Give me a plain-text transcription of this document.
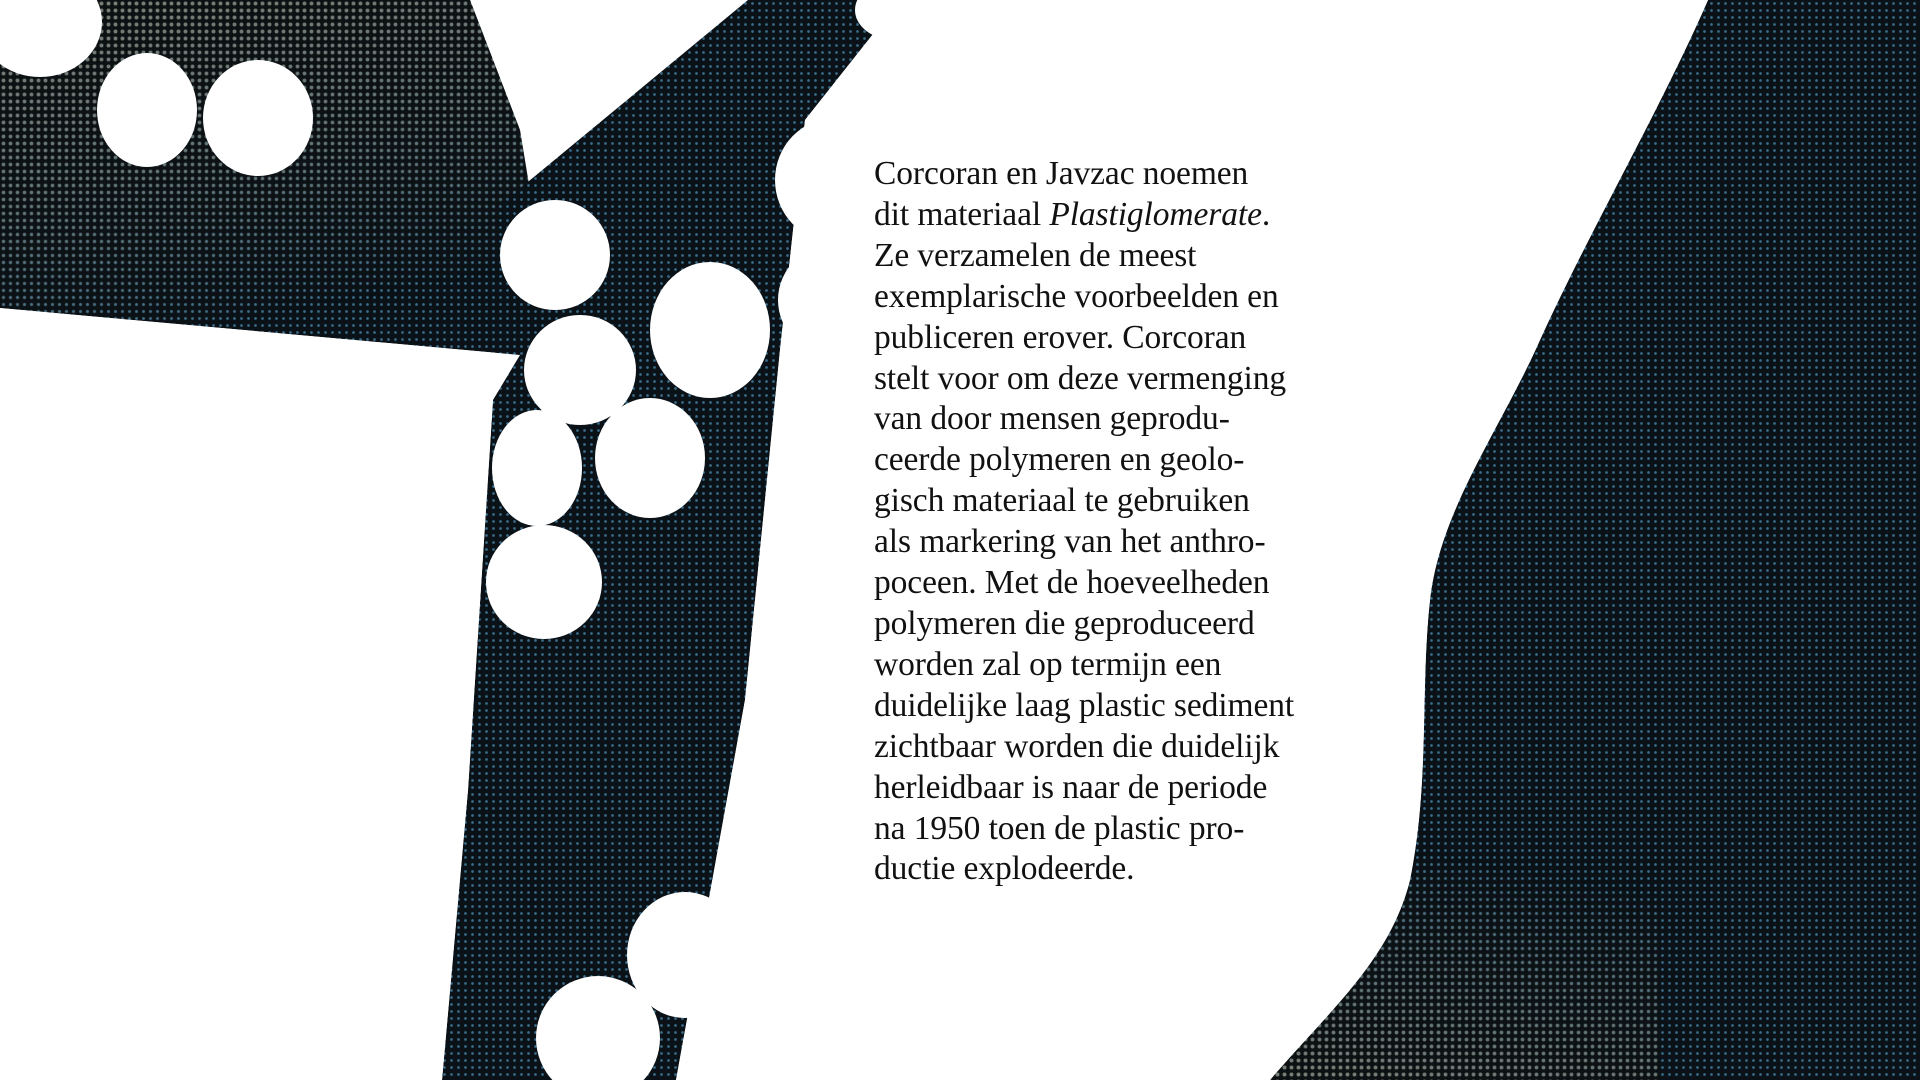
Corcoran en Javzac noemen
dit materiaal Plastiglomerate.
Ze verzamelen de meest
exemplarische voorbeelden en
publiceren erover. Corcoran
stelt voor om deze vermenging
van door mensen geprodu-
ceerde polymeren en geolo-
gisch materiaal te gebruiken
als markering van het anthro-
poceen. Met de hoeveelheden
polymeren die geproduceerd
worden zal op termijn een
duidelijke laag plastic sediment
zichtbaar worden die duidelijk
herleidbaar is naar de periode
na 1950 toen de plastic pro-
ductie explodeerde.
